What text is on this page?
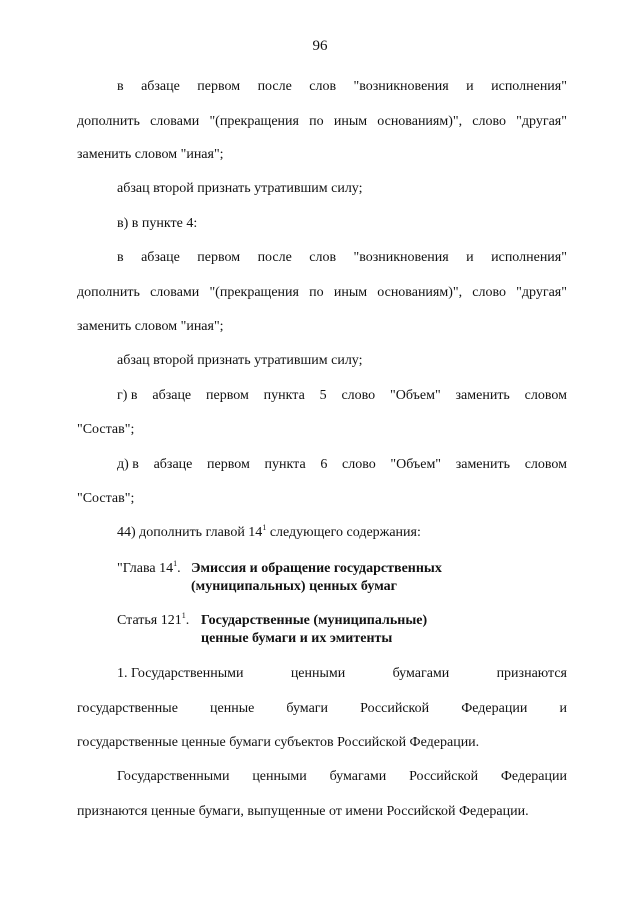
96
в абзаце первом после слов "возникновения и исполнения"
дополнить словами "(прекращения по иным основаниям)", слово "другая"
заменить словом "иная";
абзац второй признать утратившим силу;
в) в пункте 4:
в абзаце первом после слов "возникновения и исполнения"
дополнить словами "(прекращения по иным основаниям)", слово "другая"
заменить словом "иная";
абзац второй признать утратившим силу;
г) в абзаце первом пункта 5 слово "Объем" заменить словом
"Состав";
д) в абзаце первом пункта 6 слово "Объем" заменить словом
"Состав";
44) дополнить главой $14^1$ следующего содержания:
"Глава $14^1$. Эмиссия и обращение государственных
(муниципальных) ценных бумаг
Статья $121^1$. Государственные (муниципальные)
ценные бумаги и их эмитенты
1. Государственными	ценными	бумагами	признаются
государственные ценные бумаги Российской Федерации и
государственные ценные бумаги субъектов Российской Федерации.
Государственными ценными бумагами Российской Федерации
признаются ценные бумаги, выпущенные от имени Российской Федерации.
